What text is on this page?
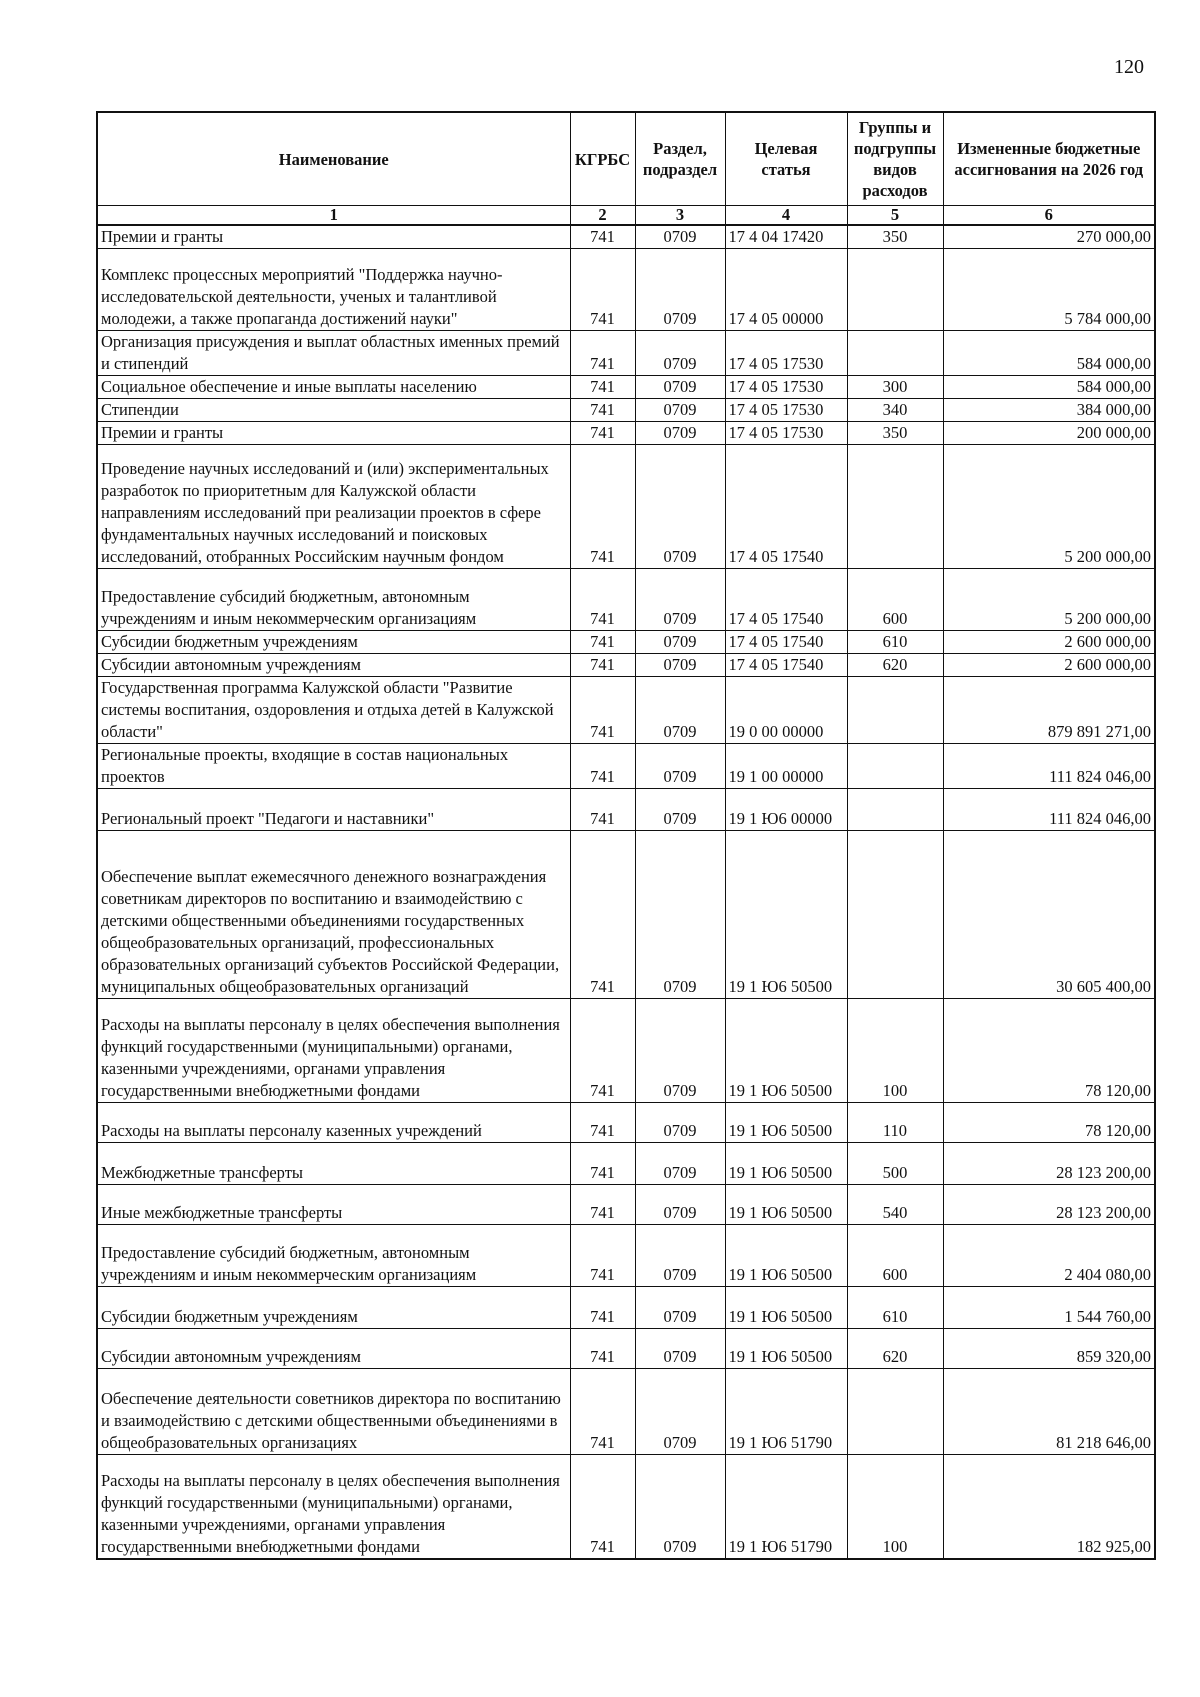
120
Наименование	КГРБС	Раздел, подраздел	Целевая статья	Группы и подгруппы видов расходов	Измененные бюджетные ассигнования на 2026 год
1	2	3	4	5	6
Премии и гранты	741	0709	17 4 04 17420	350	270 000,00
Комплекс процессных мероприятий "Поддержка научно-исследовательской деятельности, ученых и талантливой молодежи, а также пропаганда достижений науки"	741	0709	17 4 05 00000		5 784 000,00
Организация присуждения и выплат областных именных премий и стипендий	741	0709	17 4 05 17530		584 000,00
Социальное обеспечение и иные выплаты населению	741	0709	17 4 05 17530	300	584 000,00
Стипендии	741	0709	17 4 05 17530	340	384 000,00
Премии и гранты	741	0709	17 4 05 17530	350	200 000,00
Проведение научных исследований и (или) экспериментальных разработок по приоритетным для Калужской области направлениям исследований при реализации проектов в сфере фундаментальных научных исследований и поисковых исследований, отобранных Российским научным фондом	741	0709	17 4 05 17540		5 200 000,00
Предоставление субсидий бюджетным, автономным учреждениям и иным некоммерческим организациям	741	0709	17 4 05 17540	600	5 200 000,00
Субсидии бюджетным учреждениям	741	0709	17 4 05 17540	610	2 600 000,00
Субсидии автономным учреждениям	741	0709	17 4 05 17540	620	2 600 000,00
Государственная программа Калужской области "Развитие системы воспитания, оздоровления и отдыха детей в Калужской области"	741	0709	19 0 00 00000		879 891 271,00
Региональные проекты, входящие в состав национальных проектов	741	0709	19 1 00 00000		111 824 046,00
Региональный проект "Педагоги и наставники"	741	0709	19 1 Ю6 00000		111 824 046,00
Обеспечение выплат ежемесячного денежного вознаграждения советникам директоров по воспитанию и взаимодействию с детскими общественными объединениями государственных общеобразовательных организаций, профессиональных образовательных организаций субъектов Российской Федерации, муниципальных общеобразовательных организаций	741	0709	19 1 Ю6 50500		30 605 400,00
Расходы на выплаты персоналу в целях обеспечения выполнения функций государственными (муниципальными) органами, казенными учреждениями, органами управления государственными внебюджетными фондами	741	0709	19 1 Ю6 50500	100	78 120,00
Расходы на выплаты персоналу казенных учреждений	741	0709	19 1 Ю6 50500	110	78 120,00
Межбюджетные трансферты	741	0709	19 1 Ю6 50500	500	28 123 200,00
Иные межбюджетные трансферты	741	0709	19 1 Ю6 50500	540	28 123 200,00
Предоставление субсидий бюджетным, автономным учреждениям и иным некоммерческим организациям	741	0709	19 1 Ю6 50500	600	2 404 080,00
Субсидии бюджетным учреждениям	741	0709	19 1 Ю6 50500	610	1 544 760,00
Субсидии автономным учреждениям	741	0709	19 1 Ю6 50500	620	859 320,00
Обеспечение деятельности советников директора по воспитанию и взаимодействию с детскими общественными объединениями в общеобразовательных организациях	741	0709	19 1 Ю6 51790		81 218 646,00
Расходы на выплаты персоналу в целях обеспечения выполнения функций государственными (муниципальными) органами, казенными учреждениями, органами управления государственными внебюджетными фондами	741	0709	19 1 Ю6 51790	100	182 925,00
